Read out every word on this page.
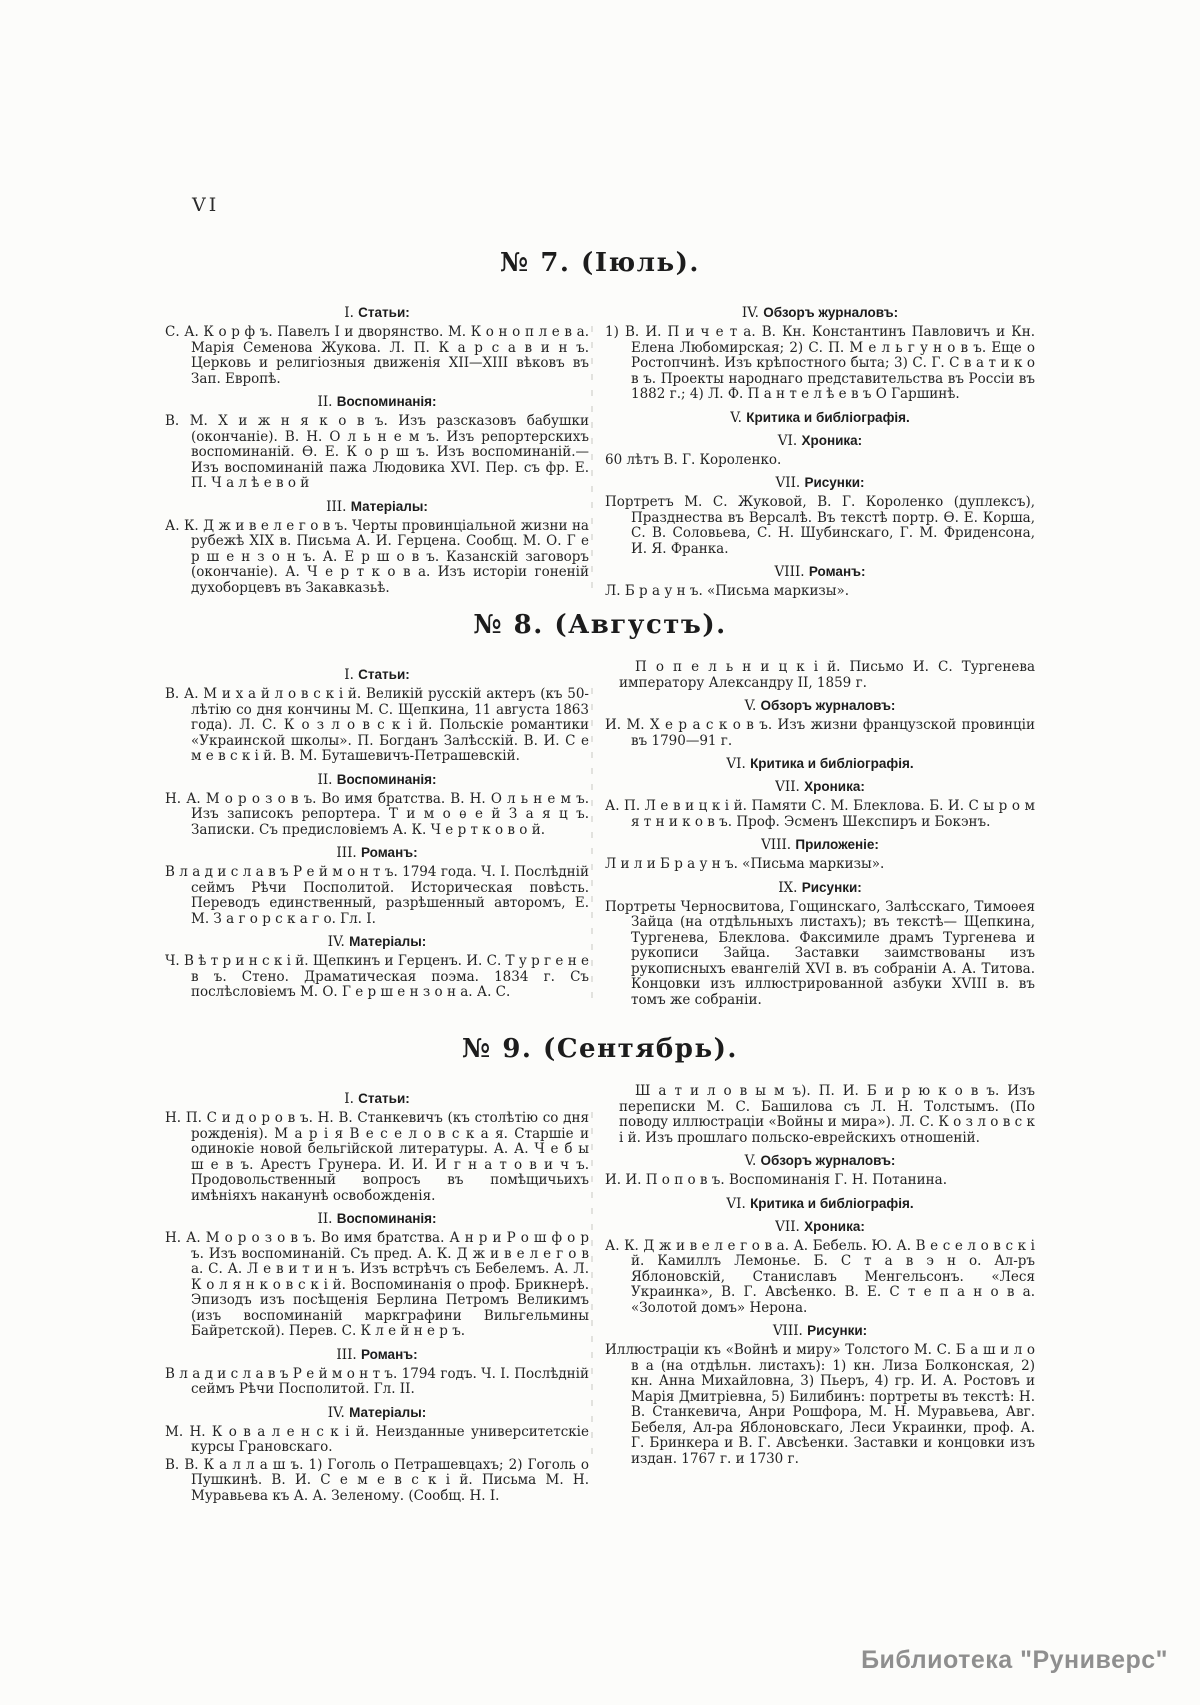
VI
№ 7. (Іюль).
I. Статьи:

С. А. К о р ф ъ. Павелъ I и дворянство. М. К о н о п л е в а. Марія Семенова Жукова. Л. П. К а р с а в и н ъ. Церковь и религіозныя движенія XII—XIII вѣковъ въ Зап. Европѣ.

II. Воспоминанія:

В. М. Х и ж н я к о в ъ. Изъ разсказовъ бабушки (окончаніе). В. Н. О л ь н е м ъ. Изъ репортерскихъ воспоминаній. Ѳ. Е. К о р ш ъ. Изъ воспоминаній.— Изъ воспоминаній пажа Людовика XVI. Пер. съ фр. Е. П. Ч а л ѣ е в о й

III. Матеріалы:

А. К. Д ж и в е л е г о в ъ. Черты провинціальной жизни на рубежѣ XIX в. Письма А. И. Герцена. Сообщ. М. О. Г е р ш е н з о н ъ. А. Е р ш о в ъ. Казанскій заговоръ (окончаніе). А. Ч е р т к о в а. Изъ исторіи гоненій духоборцевъ въ Закавказьѣ.

IV. Обзоръ журналовъ:

1) В. И. П и ч е т а. В. Кн. Константинъ Павловичъ и Кн. Елена Любомирская; 2) С. П. М е л ь г у н о в ъ. Еще о Ростопчинѣ. Изъ крѣпостного быта; 3) С. Г. С в а т и к о в ъ. Проекты народнаго представительства въ Россіи въ 1882 г.; 4) Л. Ф. П а н т е л ѣ е в ъ О Гаршинѣ.

V. Критика и библіографія.
VI. Хроника:

60 лѣтъ В. Г. Короленко.

VII. Рисунки:

Портретъ М. С. Жуковой, В. Г. Короленко (дуплексъ), Празднества въ Версалѣ. Въ текстѣ портр. Ѳ. Е. Корша, С. В. Соловьева, С. Н. Шубинскаго, Г. М. Фриденсона, И. Я. Франка.

VIII. Романъ:

Л. Б р а у н ъ. «Письма маркизы».

№ 8. (Августъ).
I. Статьи:

В. А. М и х а й л о в с к і й. Великій русскій актеръ (къ 50-лѣтію со дня кончины М. С. Щепкина, 11 августа 1863 года). Л. С. К о з л о в с к і й. Польскіе романтики «Украинской школы». П. Богданъ Залѣсскій. В. И. С е м е в с к і й. В. М. Буташевичъ-Петрашевскій.

II. Воспоминанія:

Н. А. М о р о з о в ъ. Во имя братства. В. Н. О л ь н е м ъ. Изъ записокъ репортера. Т и м о ѳ е й З а я ц ъ. Записки. Съ предисловіемъ А. К. Ч е р т к о в о й.

III. Романъ:

В л а д и с л а в ъ Р е й м о н т ъ. 1794 года. Ч. I. Послѣдній сеймъ Рѣчи Посполитой. Историческая повѣсть. Переводъ единственный, разрѣшенный авторомъ, Е. М. З а г о р с к а г о. Гл. I.

IV. Матеріалы:

Ч. В ѣ т р и н с к і й. Щепкинъ и Герценъ. И. С. Т у р г е н е в ъ. Стено. Драматическая поэма. 1834 г. Съ послѣсловіемъ М. О. Г е р ш е н з о н а. А. С.

П о п е л ь н и ц к і й. Письмо И. С. Тургенева императору Александру II, 1859 г.

V. Обзоръ журналовъ:

И. М. Х е р а с к о в ъ. Изъ жизни французской провинціи въ 1790—91 г.

VI. Критика и библіографія.
VII. Хроника:

А. П. Л е в и ц к і й. Памяти С. М. Блеклова. Б. И. С ы р о м я т н и к о в ъ. Проф. Эсменъ Шекспиръ и Бокэнъ.

VIII. Приложеніе:

Л и л и Б р а у н ъ. «Письма маркизы».

IX. Рисунки:

Портреты Черносвитова, Гощинскаго, Залѣсскаго, Тимоѳея Зайца (на отдѣльныхъ листахъ); въ текстѣ— Щепкина, Тургенева, Блеклова. Факсимиле драмъ Тургенева и рукописи Зайца. Заставки заимствованы изъ рукописныхъ евангелій XVI в. въ собраніи А. А. Титова. Концовки изъ иллюстрированной азбуки XVIII в. въ томъ же собраніи.

№ 9. (Сентябрь).
I. Статьи:

Н. П. С и д о р о в ъ. Н. В. Станкевичъ (къ столѣтію со дня рожденія). М а р і я В е с е л о в с к а я. Старшіе и одинокіе новой бельгійской литературы. А. А. Ч е б ы ш е в ъ. Арестъ Грунера. И. И. И г н а т о в и ч ъ. Продовольственный вопросъ въ помѣщичьихъ имѣніяхъ наканунѣ освобожденія.

II. Воспоминанія:

Н. А. М о р о з о в ъ. Во имя братства. А н р и Р о ш ф о р ъ. Изъ воспоминаній. Съ пред. А. К. Д ж и в е л е г о в а. С. А. Л е в и т и н ъ. Изъ встрѣчъ съ Бебелемъ. А. Л. К о л я н к о в с к і й. Воспоминанія о проф. Брикнерѣ. Эпизодъ изъ посѣщенія Берлина Петромъ Великимъ (изъ воспоминаній маркграфини Вильгельмины Байретской). Перев. С. К л е й н е р ъ.

III. Романъ:

В л а д и с л а в ъ Р е й м о н т ъ. 1794 годъ. Ч. I. Послѣдній сеймъ Рѣчи Посполитой. Гл. II.

IV. Матеріалы:

М. Н. К о в а л е н с к і й. Неизданные университетскіе курсы Грановскаго.

В. В. К а л л а ш ъ. 1) Гоголь о Петрашевцахъ; 2) Гоголь о Пушкинѣ. В. И. С е м е в с к і й. Письма М. Н. Муравьева къ А. А. Зеленому. (Сообщ. Н. I.

Ш а т и л о в ы м ъ). П. И. Б и р ю к о в ъ. Изъ переписки М. С. Башилова съ Л. Н. Толстымъ. (По поводу иллюстраціи «Войны и мира»). Л. С. К о з л о в с к і й. Изъ прошлаго польско-еврейскихъ отношеній.

V. Обзоръ журналовъ:

И. И. П о п о в ъ. Воспоминанія Г. Н. Потанина.

VI. Критика и библіографія.
VII. Хроника:

А. К. Д ж и в е л е г о в а. А. Бебель. Ю. А. В е с е л о в с к і й. Камиллъ Лемонье. Б. С т а в э н о. Ал-ръ Яблоновскій, Станиславъ Менгельсонъ. «Леся Украинка», В. Г. Авсѣенко. В. Е. С т е п а н о в а. «Золотой домъ» Нерона.

VIII. Рисунки:

Иллюстраціи къ «Войнѣ и миру» Толстого М. С. Б а ш и л о в а (на отдѣльн. листахъ): 1) кн. Лиза Болконская, 2) кн. Анна Михайловна, 3) Пьеръ, 4) гр. И. А. Ростовъ и Марія Дмитріевна, 5) Билибинъ: портреты въ текстѣ: Н. В. Станкевича, Анри Рошфора, М. Н. Муравьева, Авг. Бебеля, Ал-ра Яблоновскаго, Леси Украинки, проф. А. Г. Бринкера и В. Г. Авсѣенки. Заставки и концовки изъ издан. 1767 г. и 1730 г.

Библиотека "Руниверс"
